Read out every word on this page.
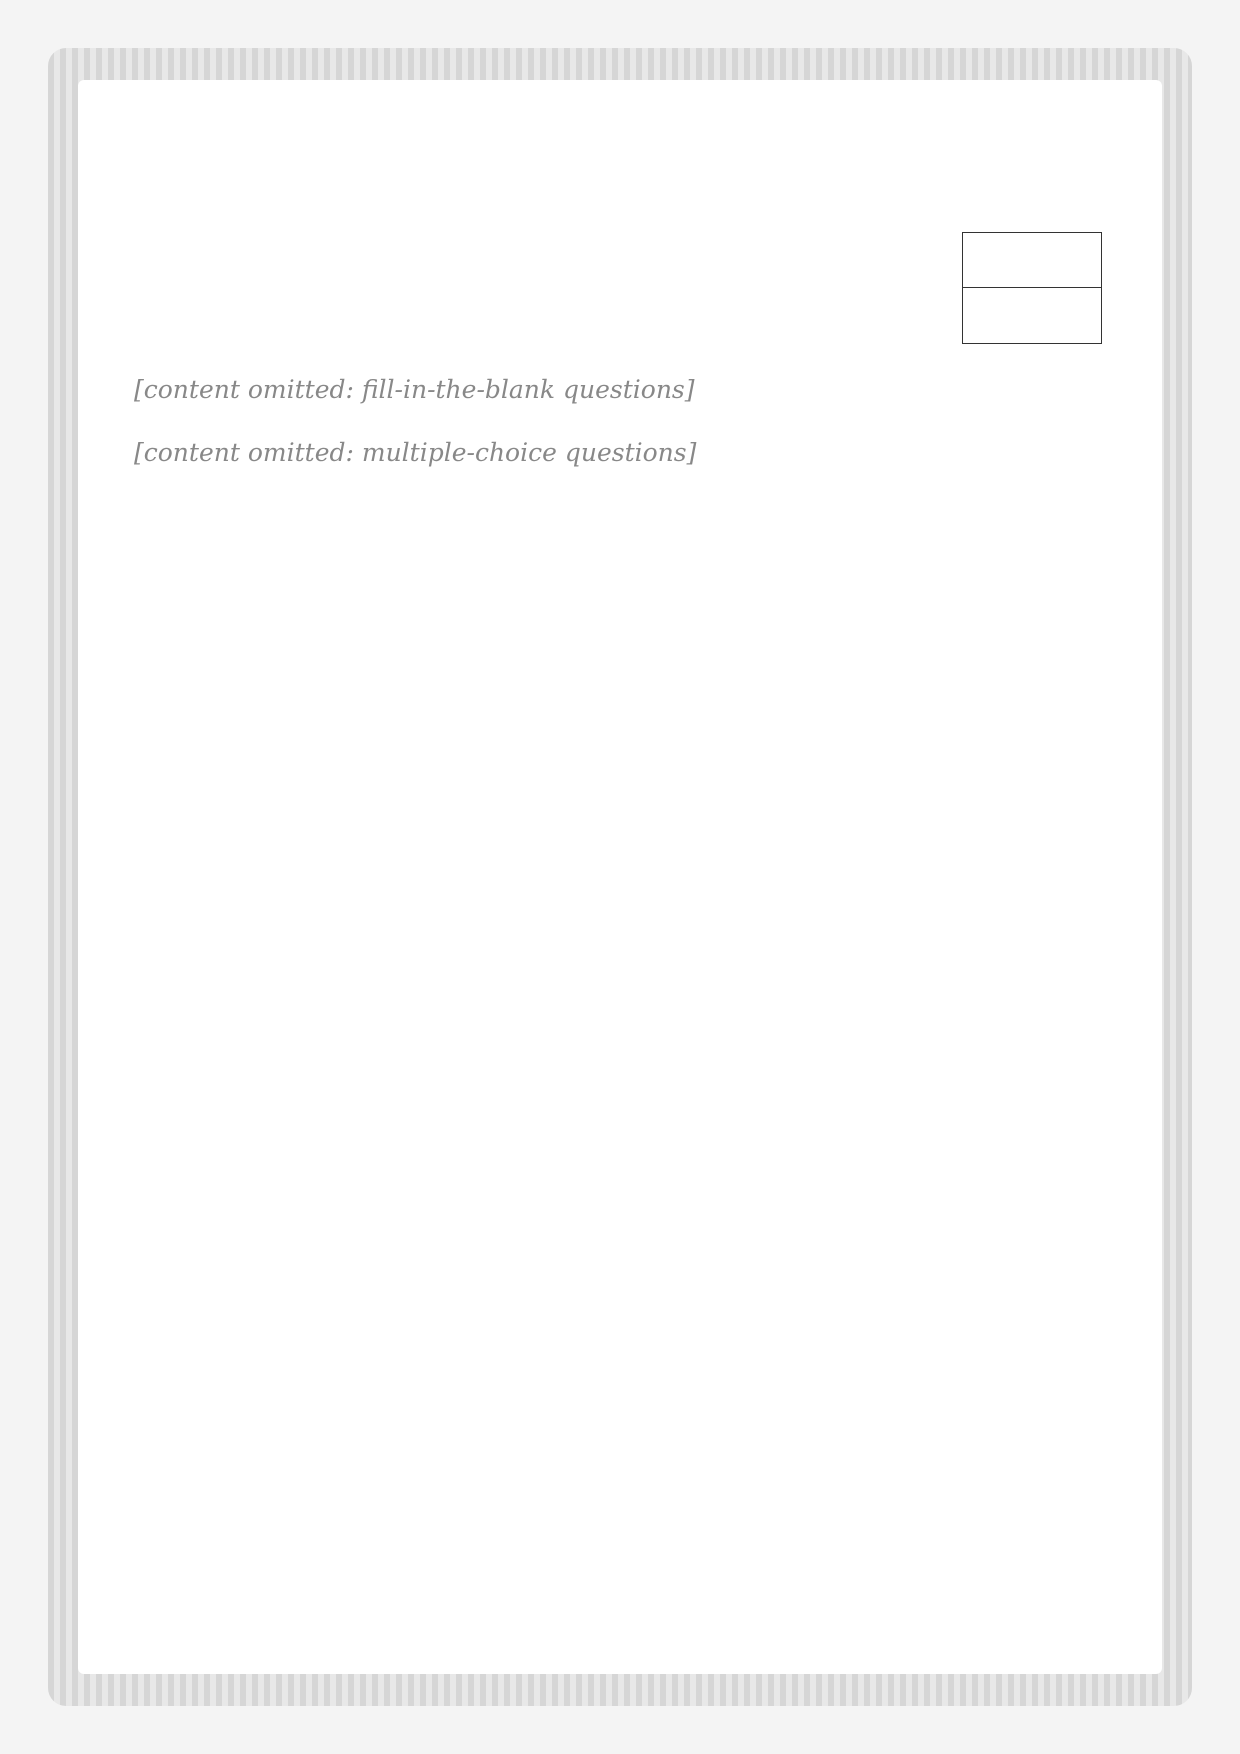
[content omitted: fill-in-the-blank questions]
[content omitted: multiple-choice questions]
